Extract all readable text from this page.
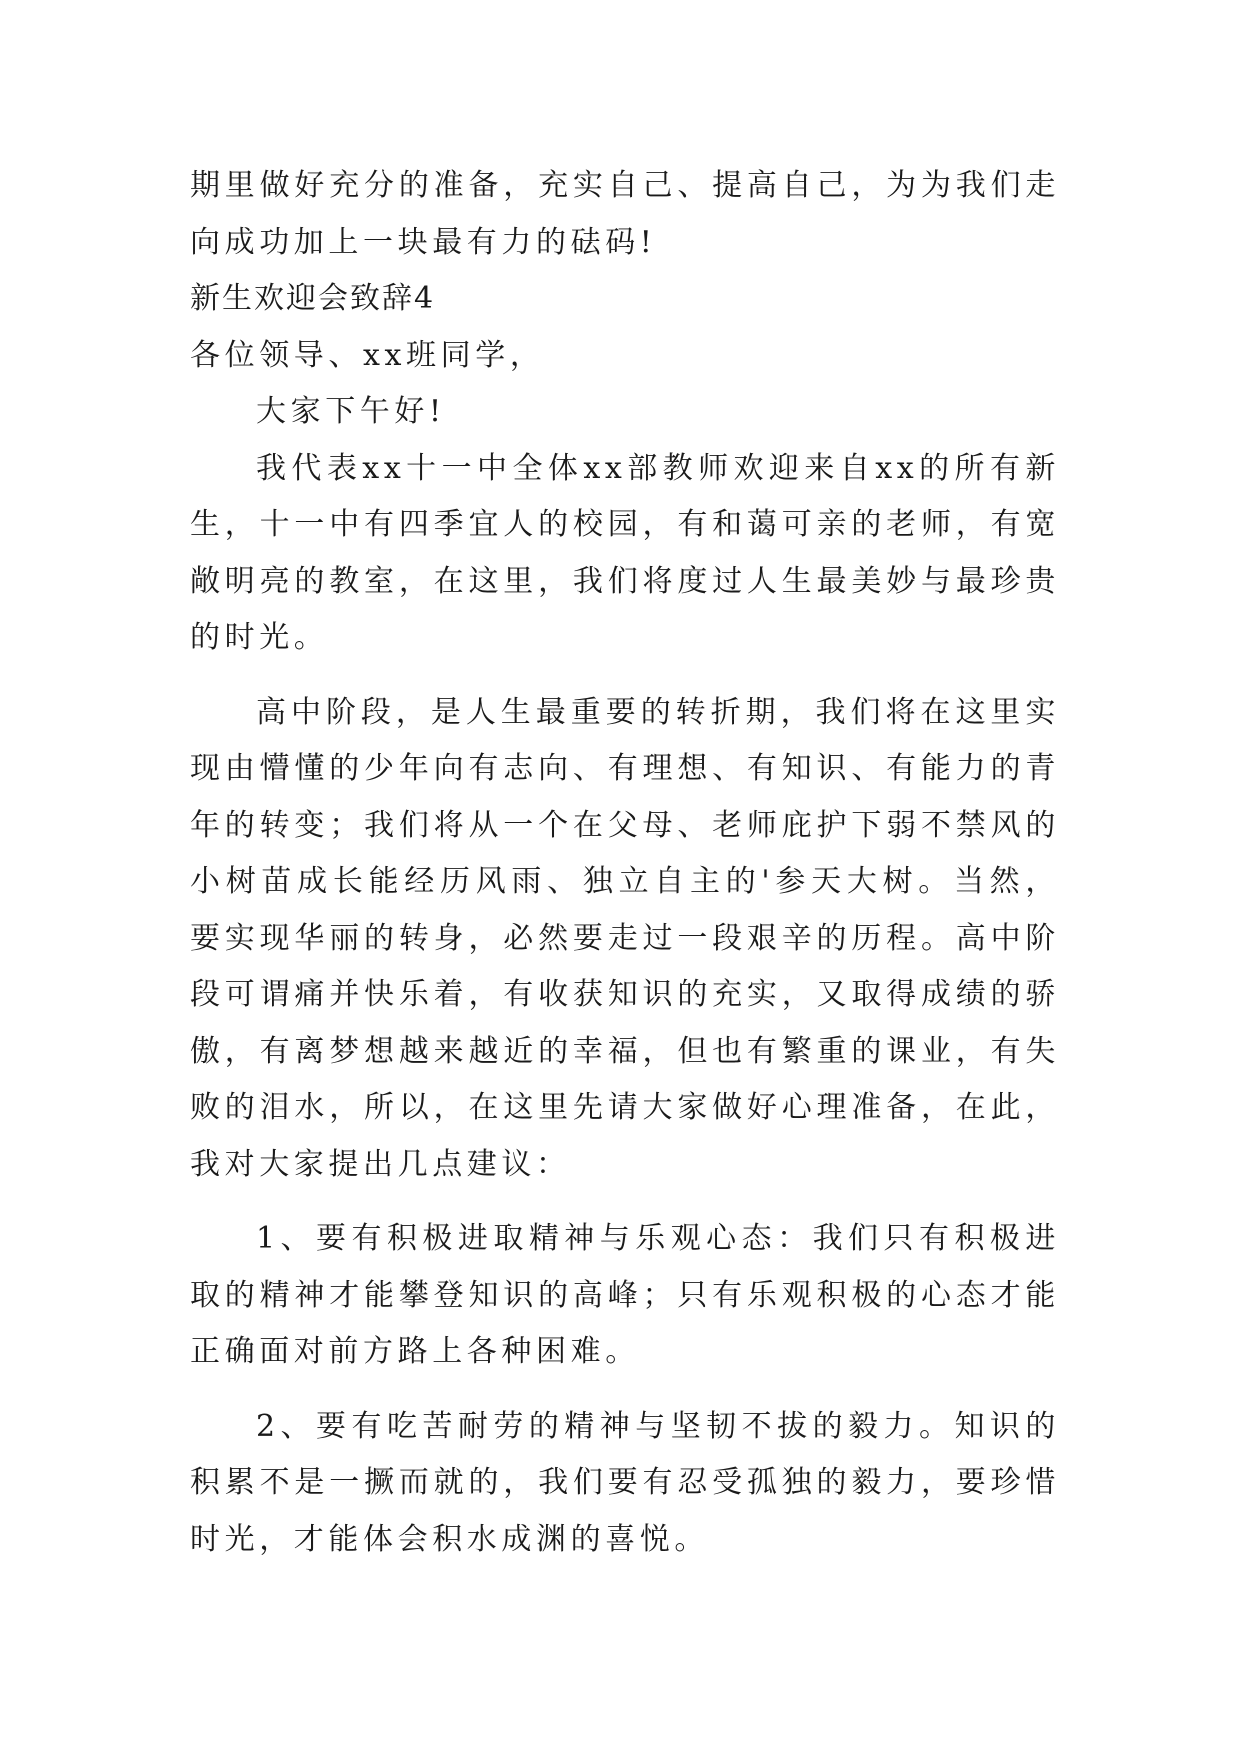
期里做好充分的准备，充实自己、提高自己，为为我们走向成功加上一块最有力的砝码!

新生欢迎会致辞4

各位领导、xx班同学，

大家下午好!

我代表xx十一中全体xx部教师欢迎来自xx的所有新生，十一中有四季宜人的校园，有和蔼可亲的老师，有宽敞明亮的教室，在这里，我们将度过人生最美妙与最珍贵的时光。

高中阶段，是人生最重要的转折期，我们将在这里实现由懵懂的少年向有志向、有理想、有知识、有能力的青年的转变；我们将从一个在父母、老师庇护下弱不禁风的小树苗成长能经历风雨、独立自主的'参天大树。当然，要实现华丽的转身，必然要走过一段艰辛的历程。高中阶段可谓痛并快乐着，有收获知识的充实，又取得成绩的骄傲，有离梦想越来越近的幸福，但也有繁重的课业，有失败的泪水，所以，在这里先请大家做好心理准备，在此，我对大家提出几点建议：

1、要有积极进取精神与乐观心态：我们只有积极进取的精神才能攀登知识的高峰；只有乐观积极的心态才能正确面对前方路上各种困难。

2、要有吃苦耐劳的精神与坚韧不拔的毅力。知识的积累不是一撅而就的，我们要有忍受孤独的毅力，要珍惜时光，才能体会积水成渊的喜悦。
